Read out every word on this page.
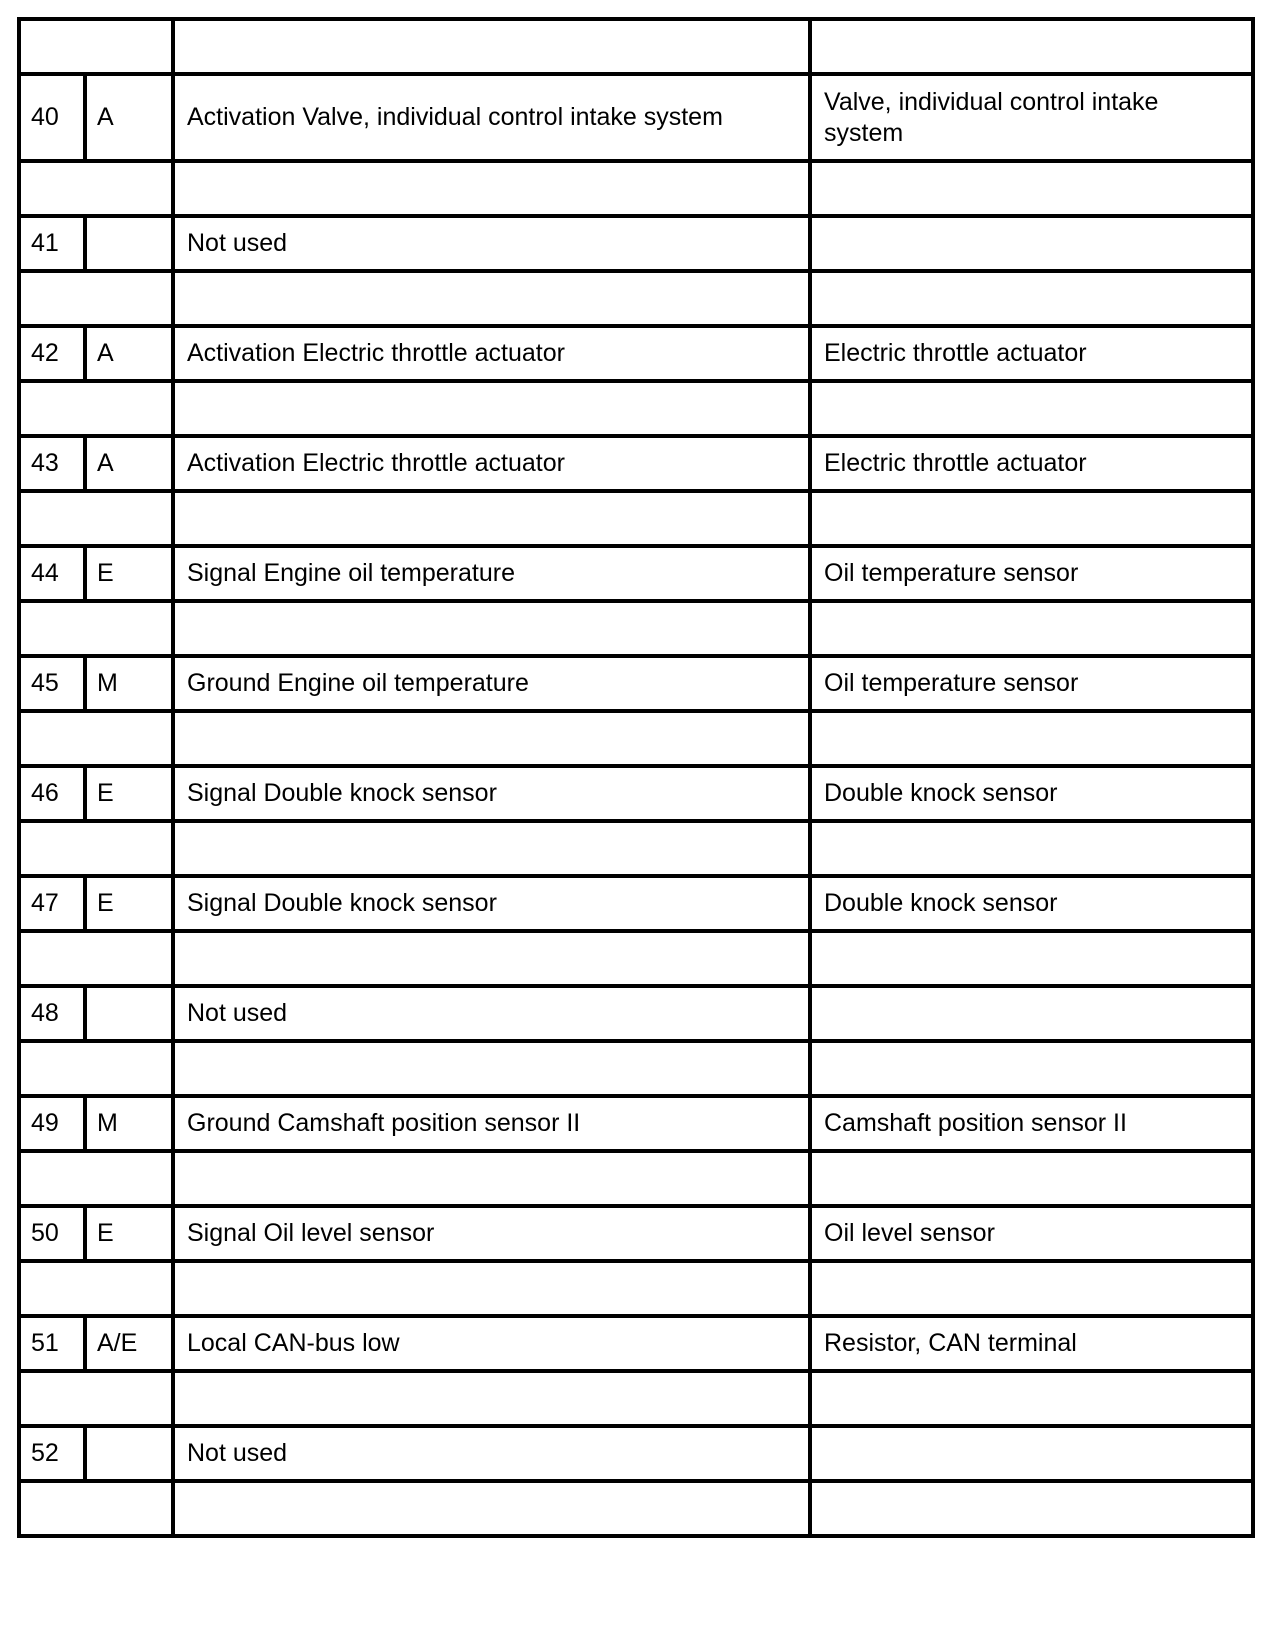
40	A	Activation Valve, individual control intake system	Valve, individual control intake system

41		Not used	

42	A	Activation Electric throttle actuator	Electric throttle actuator

43	A	Activation Electric throttle actuator	Electric throttle actuator

44	E	Signal Engine oil temperature	Oil temperature sensor

45	M	Ground Engine oil temperature	Oil temperature sensor

46	E	Signal Double knock sensor	Double knock sensor

47	E	Signal Double knock sensor	Double knock sensor

48		Not used	

49	M	Ground Camshaft position sensor II	Camshaft position sensor II

50	E	Signal Oil level sensor	Oil level sensor

51	A/E	Local CAN-bus low	Resistor, CAN terminal

52		Not used	
